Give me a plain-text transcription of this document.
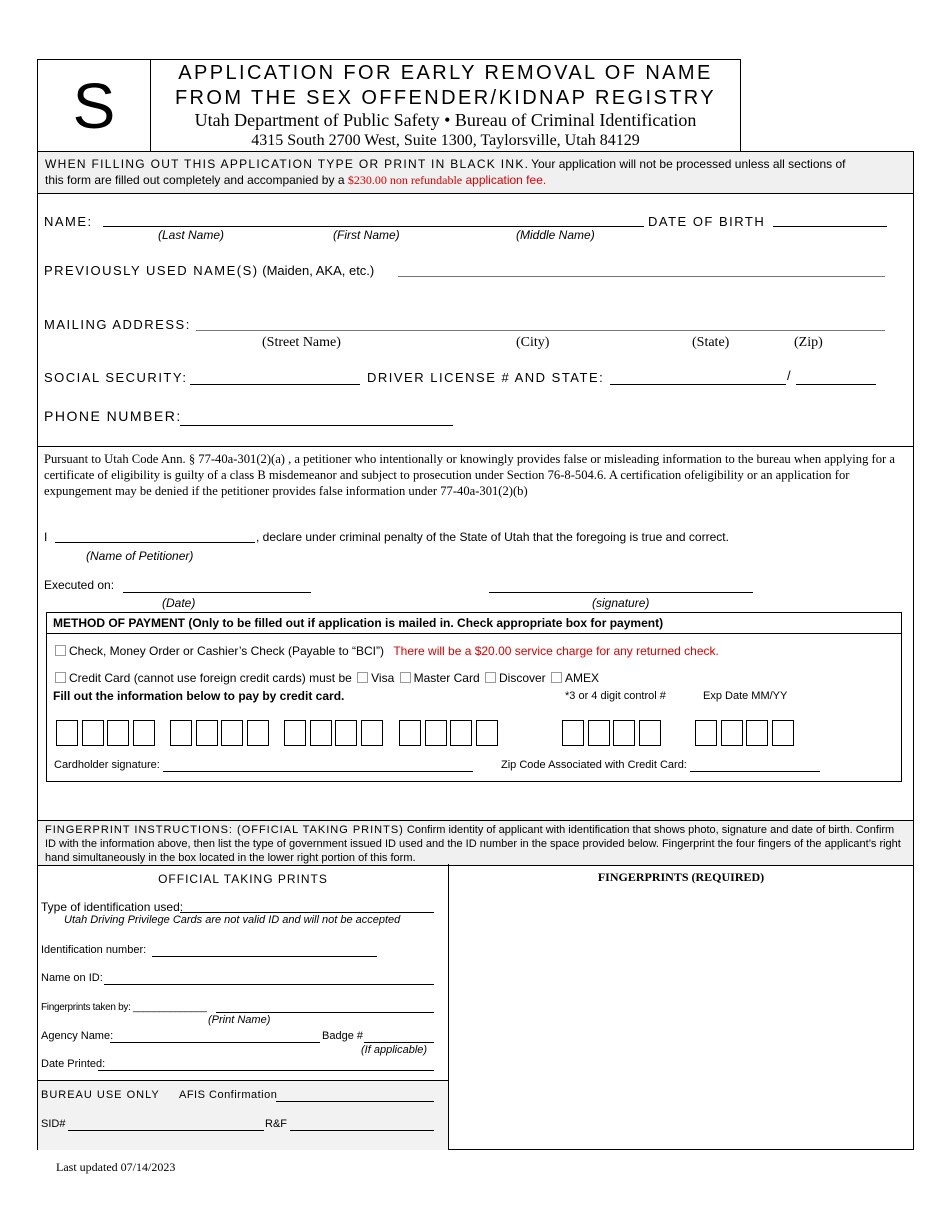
S	APPLICATION FOR EARLY REMOVAL OF NAME
FROM THE SEX OFFENDER/KIDNAP REGISTRY
Utah Department of Public Safety • Bureau of Criminal Identification
4315 South 2700 West, Suite 1300, Taylorsville, Utah 84129
WHEN FILLING OUT THIS APPLICATION TYPE OR PRINT IN BLACK INK. Your application will not be processed unless all sections of
this form are filled out completely and accompanied by a $230.00 non refundable application fee.
NAME:
(Last Name)	(First Name)	(Middle Name)
DATE OF BIRTH
PREVIOUSLY USED NAME(S) (Maiden, AKA, etc.)
MAILING ADDRESS:
(Street Name)	(City)	(State)	(Zip)
SOCIAL SECURITY:	DRIVER LICENSE # AND STATE:	/
PHONE NUMBER:
Pursuant to Utah Code Ann. § 77-40a-301(2)(a) , a petitioner who intentionally or knowingly provides false or misleading information to the bureau when applying for a certificate of eligibility is guilty of a class B misdemeanor and subject to prosecution under Section 76-8-504.6. A certification ofeligibility or an application for expungement may be denied if the petitioner provides false information under 77-40a-301(2)(b)
I	, declare under criminal penalty of the State of Utah that the foregoing is true and correct.
(Name of Petitioner)
Executed on:
(Date)	(signature)
METHOD OF PAYMENT (Only to be filled out if application is mailed in. Check appropriate box for payment)
Check, Money Order or Cashier’s Check (Payable to “BCI”) There will be a $20.00 service charge for any returned check.
Credit Card (cannot use foreign credit cards) must be Visa Master Card Discover AMEX
Fill out the information below to pay by credit card.	*3 or 4 digit control #	Exp Date MM/YY
Cardholder signature:	Zip Code Associated with Credit Card:
FINGERPRINT INSTRUCTIONS: (OFFICIAL TAKING PRINTS) Confirm identity of applicant with identification that shows photo, signature and date of birth. Confirm ID with the information above, then list the type of government issued ID used and the ID number in the space provided below. Fingerprint the four fingers of the applicant’s right hand simultaneously in the box located in the lower right portion of this form.
OFFICIAL TAKING PRINTS
Type of identification used:
Utah Driving Privilege Cards are not valid ID and will not be accepted
Identification number:
Name on ID:
Fingerprints taken by: ______________
(Print Name)
Agency Name:	Badge #
(If applicable)
Date Printed:
BUREAU USE ONLY AFIS Confirmation
SID#	R&F
FINGERPRINTS (REQUIRED)
Last updated 07/14/2023
